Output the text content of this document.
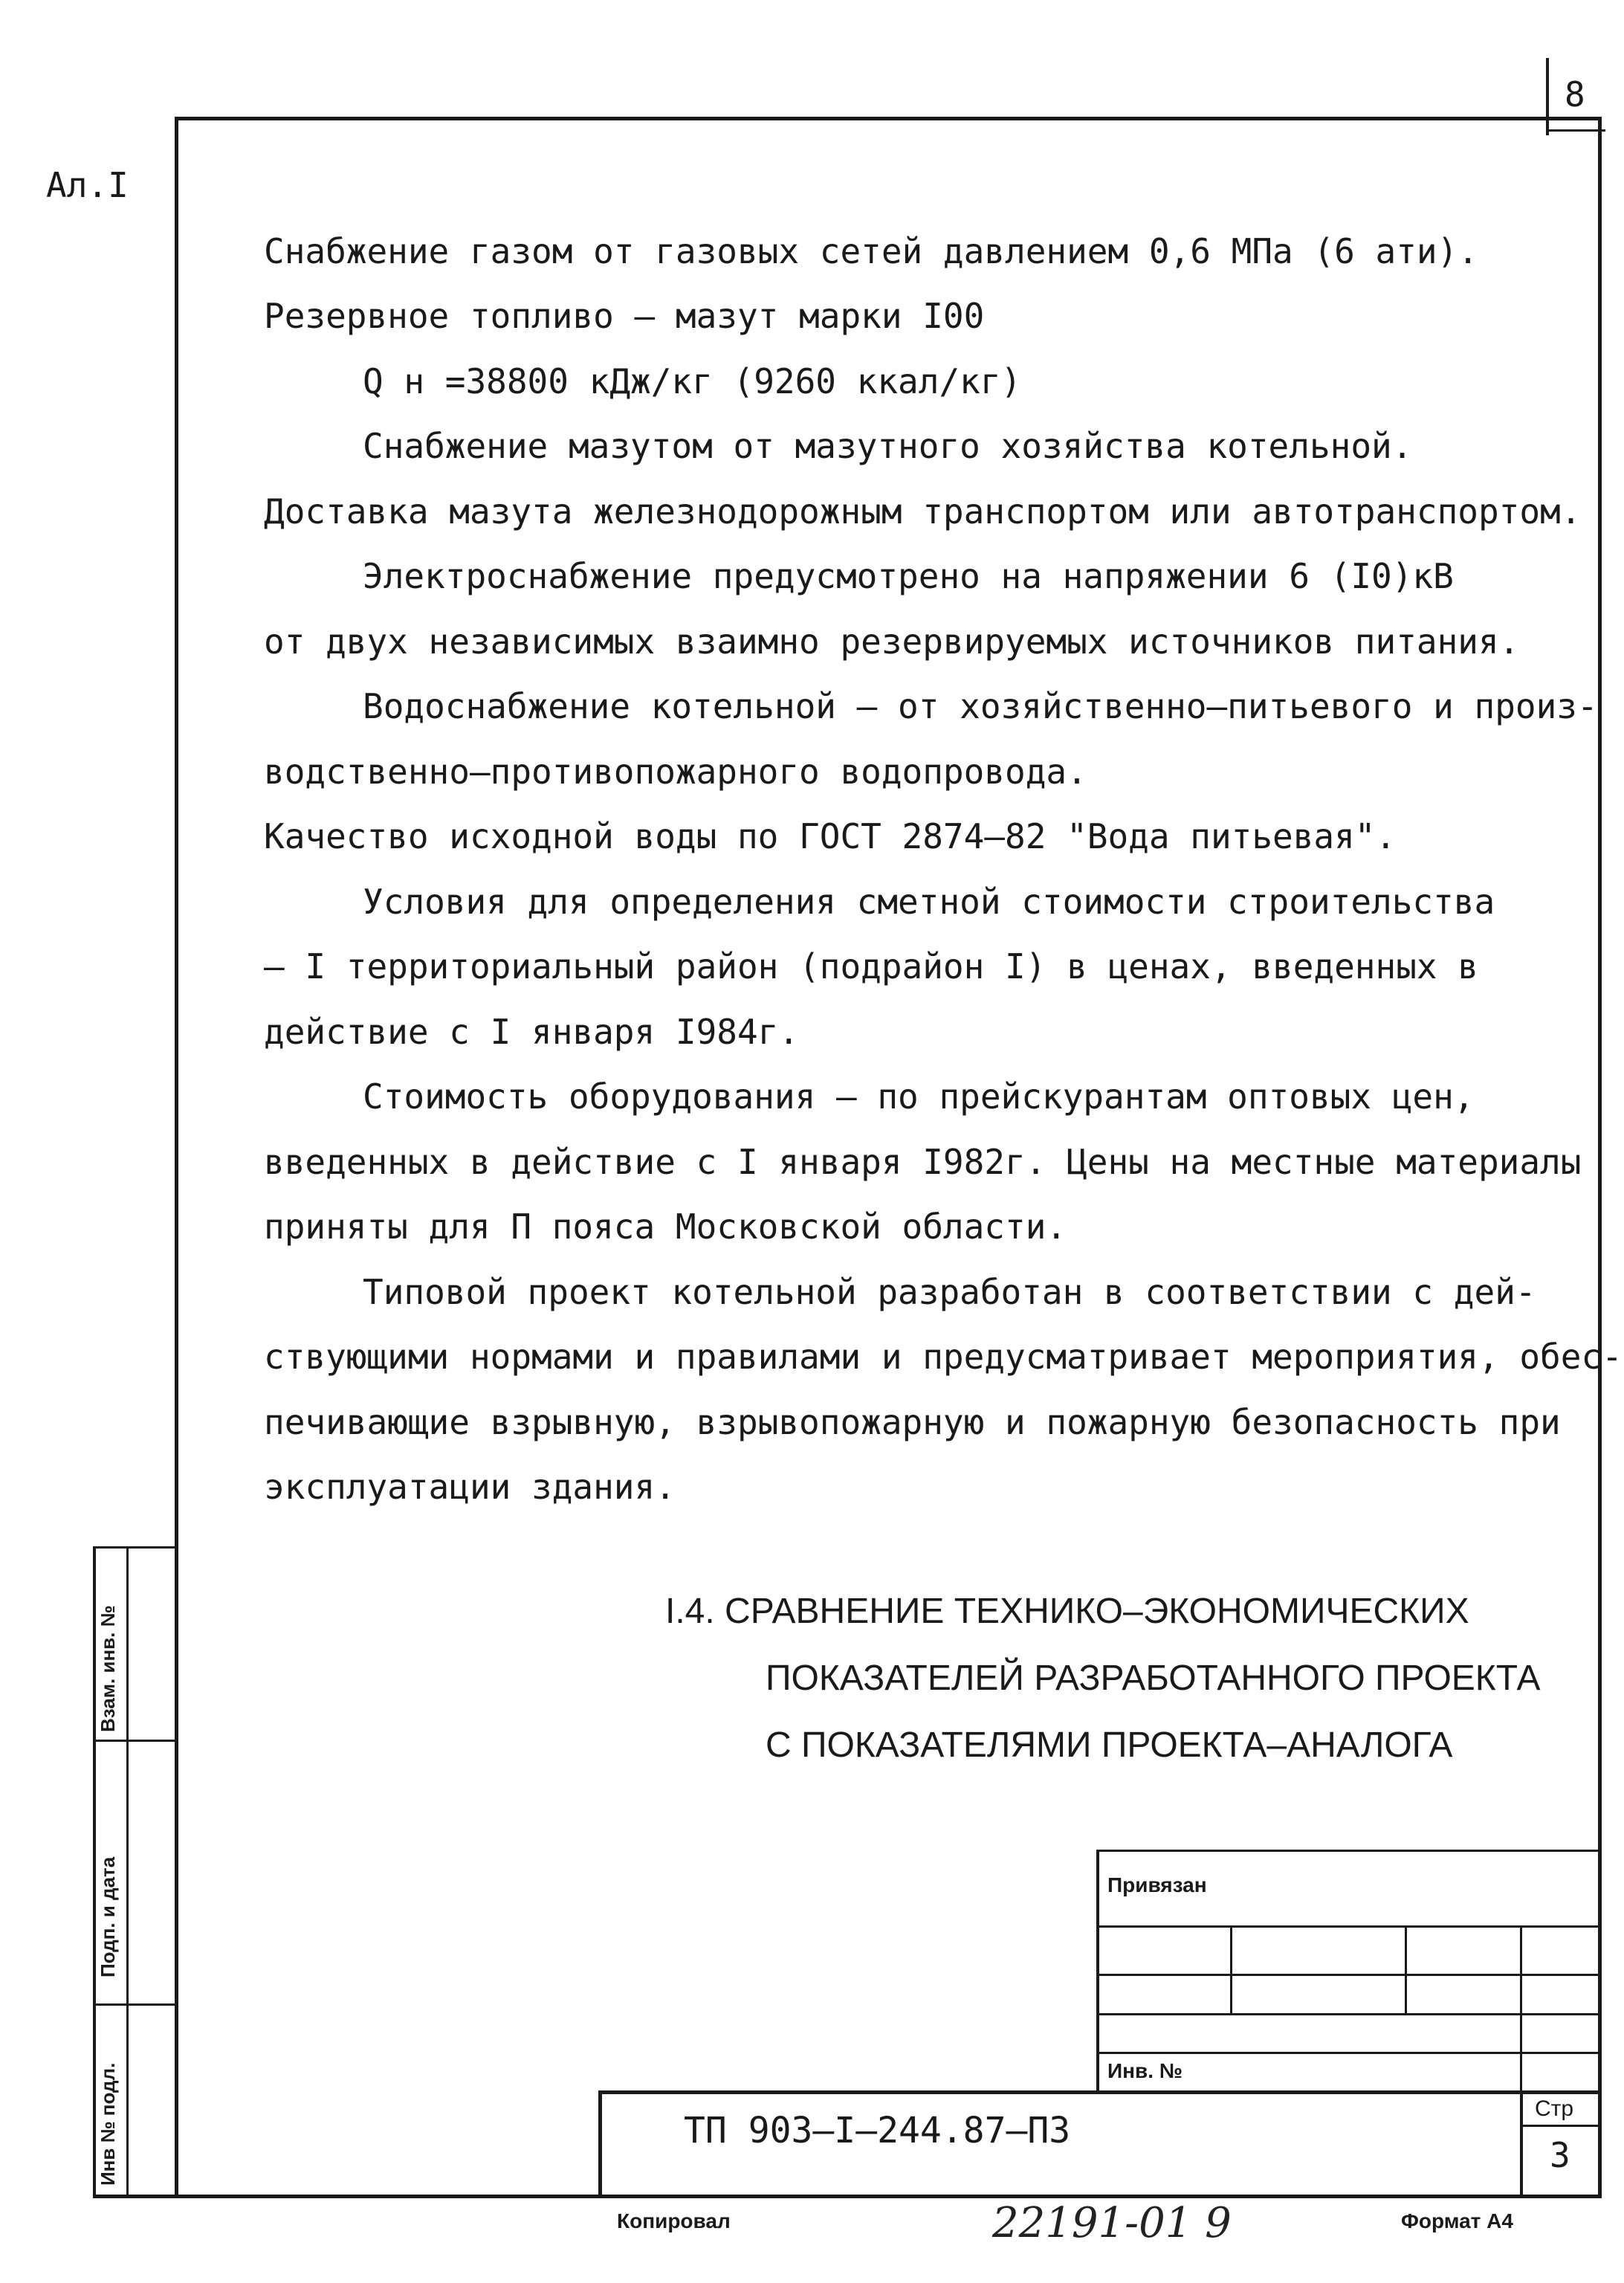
8
Ал.I
Снабжение газом от газовых сетей давлением 0,6 МПа (6 ати).
Резервное топливо – мазут марки I00
Q н =38800 кДж/кг (9260 ккал/кг)
Снабжение мазутом от мазутного хозяйства котельной.
Доставка мазута железнодорожным транспортом или автотранспортом.
Электроснабжение предусмотрено на напряжении 6 (I0)кВ
от двух независимых взаимно резервируемых источников питания.
Водоснабжение котельной – от хозяйственно–питьевого и произ-
водственно–противопожарного водопровода.
Качество исходной воды по ГОСТ 2874–82 "Вода питьевая".
Условия для определения сметной стоимости строительства
– I территориальный район (подрайон I) в ценах, введенных в
действие с I января I984г.
Стоимость оборудования – по прейскурантам оптовых цен,
введенных в действие с I января I982г. Цены на местные материалы
приняты для П пояса Московской области.
Типовой проект котельной разработан в соответствии с дей-
ствующими нормами и правилами и предусматривает мероприятия, обес-
печивающие взрывную, взрывопожарную и пожарную безопасность при
эксплуатации здания.
I.4. СРАВНЕНИЕ ТЕХНИКО–ЭКОНОМИЧЕСКИХ
ПОКАЗАТЕЛЕЙ РАЗРАБОТАННОГО ПРОЕКТА
С ПОКАЗАТЕЛЯМИ ПРОЕКТА–АНАЛОГА
Взам. инв. №
Подп. и дата
Инв № подл.
Привязан
Инв. №
ТП 903–I–244.87–П3
Стр
3
Копировал	22191-01 9	Формат А4
